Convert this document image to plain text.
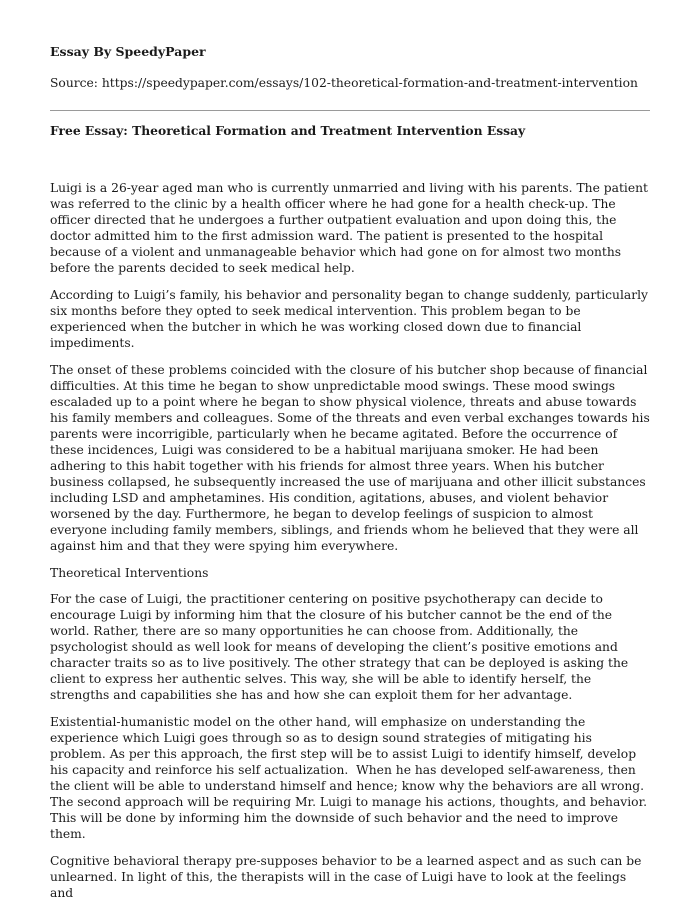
Essay By SpeedyPaper
Source: https://speedypaper.com/essays/102-theoretical-formation-and-treatment-intervention
Free Essay: Theoretical Formation and Treatment Intervention Essay

Luigi is a 26-year aged man who is currently unmarried and living with his parents. The patient was referred to the clinic by a health officer where he had gone for a health check-up. The officer directed that he undergoes a further outpatient evaluation and upon doing this, the doctor admitted him to the first admission ward. The patient is presented to the hospital because of a violent and unmanageable behavior which had gone on for almost two months before the parents decided to seek medical help.

According to Luigi’s family, his behavior and personality began to change suddenly, particularly six months before they opted to seek medical intervention. This problem began to be experienced when the butcher in which he was working closed down due to financial impediments.

The onset of these problems coincided with the closure of his butcher shop because of financial difficulties. At this time he began to show unpredictable mood swings. These mood swings escaladed up to a point where he began to show physical violence, threats and abuse towards his family members and colleagues. Some of the threats and even verbal exchanges towards his parents were incorrigible, particularly when he became agitated. Before the occurrence of these incidences, Luigi was considered to be a habitual marijuana smoker. He had been adhering to this habit together with his friends for almost three years. When his butcher business collapsed, he subsequently increased the use of marijuana and other illicit substances including LSD and amphetamines. His condition, agitations, abuses, and violent behavior   worsened by the day. Furthermore, he began to develop feelings of suspicion to almost everyone including family members, siblings, and friends whom he believed that they were all against him and that they were spying him everywhere.

Theoretical Interventions

For the case of Luigi, the practitioner centering on positive psychotherapy can decide to encourage Luigi by informing him that the closure of his butcher cannot be the end of the world. Rather, there are so many opportunities he can choose from. Additionally, the psychologist should as well look for means of developing the client’s positive emotions and character traits so as to live positively. The other strategy that can be deployed is asking the client to express her authentic selves. This way, she will be able to identify herself, the strengths and capabilities she has and how she can exploit them for her advantage.

Existential-humanistic model on the other hand, will emphasize on understanding the experience which Luigi goes through so as to design sound strategies of mitigating his problem. As per this approach, the first step will be to assist Luigi to identify himself, develop his capacity and reinforce his self actualization.  When he has developed self-awareness, then the client will be able to understand himself and hence; know why the behaviors are all wrong. The second approach will be requiring Mr. Luigi to manage his actions, thoughts, and behavior. This will be done by informing him the downside of such behavior and the need to improve them.

Cognitive behavioral therapy pre-supposes behavior to be a learned aspect and as such can be unlearned. In light of this, the therapists will in the case of Luigi have to look at the feelings and
